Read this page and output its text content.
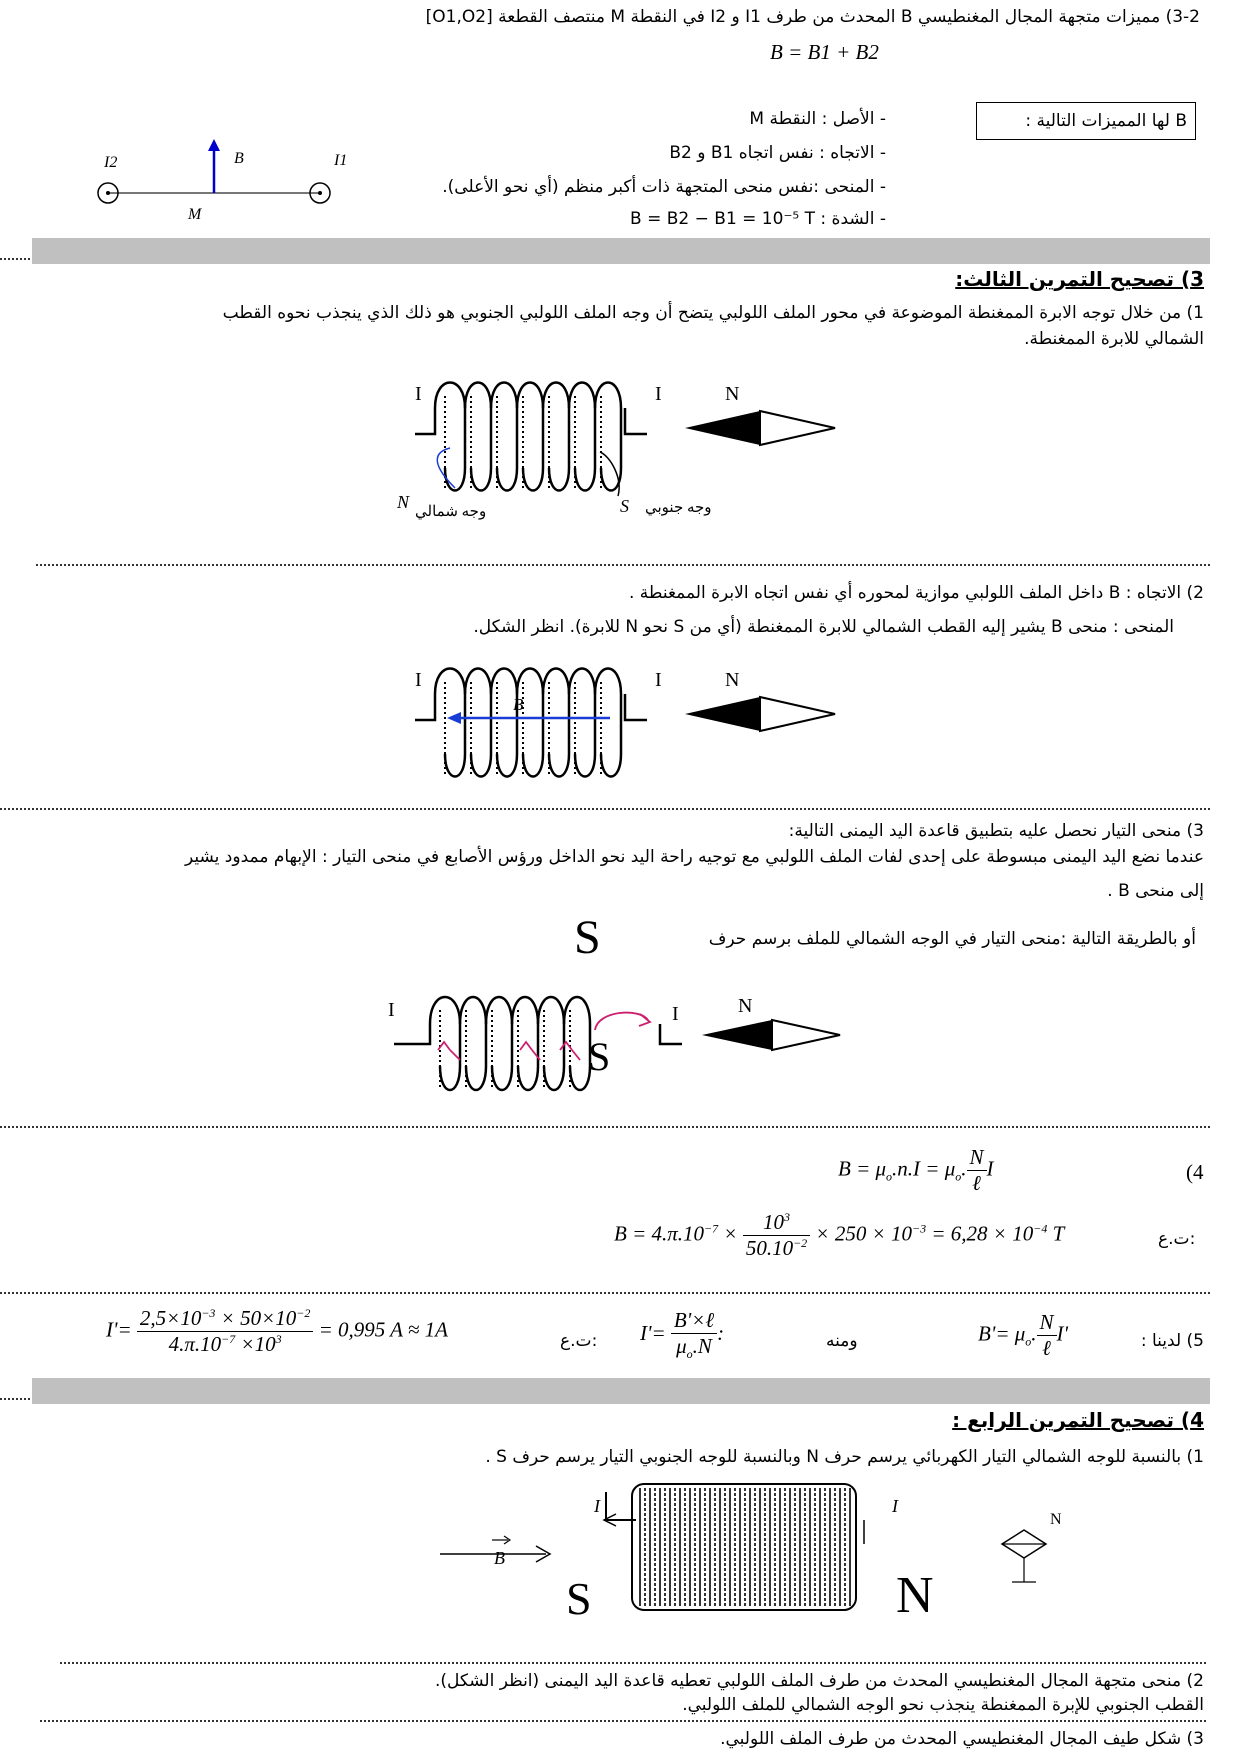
3-2) مميزات متجهة المجال المغنطيسي B المحدث من طرف I1 و I2 في النقطة M منتصف القطعة [O1,O2]
B = B1 + B2
B لها المميزات التالية :
- الأصل : النقطة M
- الاتجاه : نفس اتجاه B1 و B2
- المنحى :نفس منحى المتجهة ذات أكبر منظم (أي نحو الأعلى).
- الشدة : B = B2 − B1 = 10⁻⁵ T
I2	I1
B
M
3) تصحيح التمرين الثالث:
1) من خلال توجه الابرة الممغنطة الموضوعة في محور الملف اللولبي يتضح أن وجه الملف اللولبي الجنوبي هو ذلك الذي ينجذب نحوه القطب
الشمالي للابرة الممغنطة.
I	I	N
N وجه شمالي	S وجه جنوبي
2) الاتجاه : B داخل الملف اللولبي موازية لمحوره أي نفس اتجاه الابرة الممغنطة .
المنحى : منحى B يشير إليه القطب الشمالي للابرة الممغنطة (أي من S نحو N للابرة). انظر الشكل.
I	I	N
B
3) منحى التيار نحصل عليه بتطبيق قاعدة اليد اليمنى التالية:
عندما نضع اليد اليمنى مبسوطة على إحدى لفات الملف اللولبي مع توجيه راحة اليد نحو الداخل ورؤس الأصابع في منحى التيار : الإبهام ممدود يشير
إلى منحى B .
أو بالطريقة التالية :منحى التيار في الوجه الشمالي للملف برسم حرف
S
I	I	N
S
(4
$B = \mu_o.n.I = \mu_o$. $\frac{N}{\text{ℓ}}$ I
ت.ع:
$B = 4.\pi.10^{-7} \times \frac{10^3}{50.10^{-2}} \times 250 \times 10^{-3} = 6,28 \times 10^{-4}$ T
5) لدينا :
$B'= \mu_o$. $\frac{N}{\text{ℓ}} I'$
ومنه
$I'= \frac{\text{B'×ℓ}}{\mu_o.N}$ :
ت.ع:
$I'= \frac{2,5\times 10^{-3} \times 50\times 10^{-2}}{4.\pi.10^{-7} \times 10^3} = 0,995$ A ≈ 1A
4) تصحيح التمرين الرابع :
1) بالنسبة للوجه الشمالي التيار الكهربائي يرسم حرف N وبالنسبة للوجه الجنوبي التيار يرسم حرف S .
B
I	I
S	N
N
2) منحى متجهة المجال المغنطيسي المحدث من طرف الملف اللولبي تعطيه قاعدة اليد اليمنى (انظر الشكل).
القطب الجنوبي للإبرة الممغنطة ينجذب نحو الوجه الشمالي للملف اللولبي.
3) شكل طيف المجال المغنطيسي المحدث من طرف الملف اللولبي.
